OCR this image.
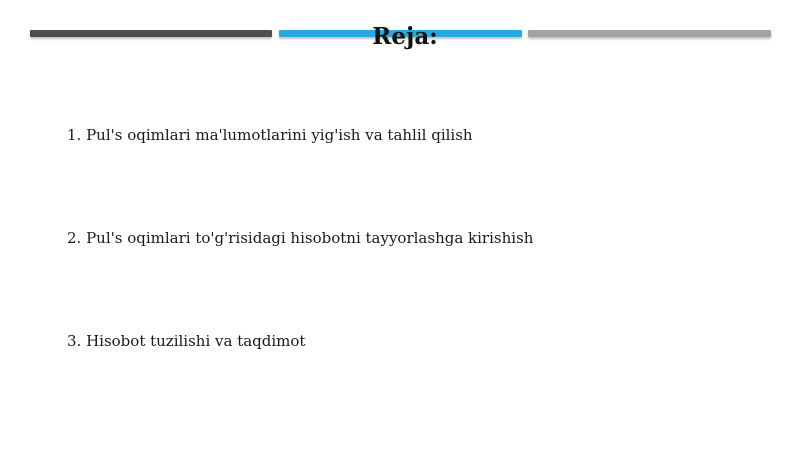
Reja:
1. Pul's oqimlari ma'lumotlarini yig'ish va tahlil qilish
2. Pul's oqimlari to'g'risidagi hisobotni tayyorlashga kirishish
3. Hisobot tuzilishi va taqdimot
